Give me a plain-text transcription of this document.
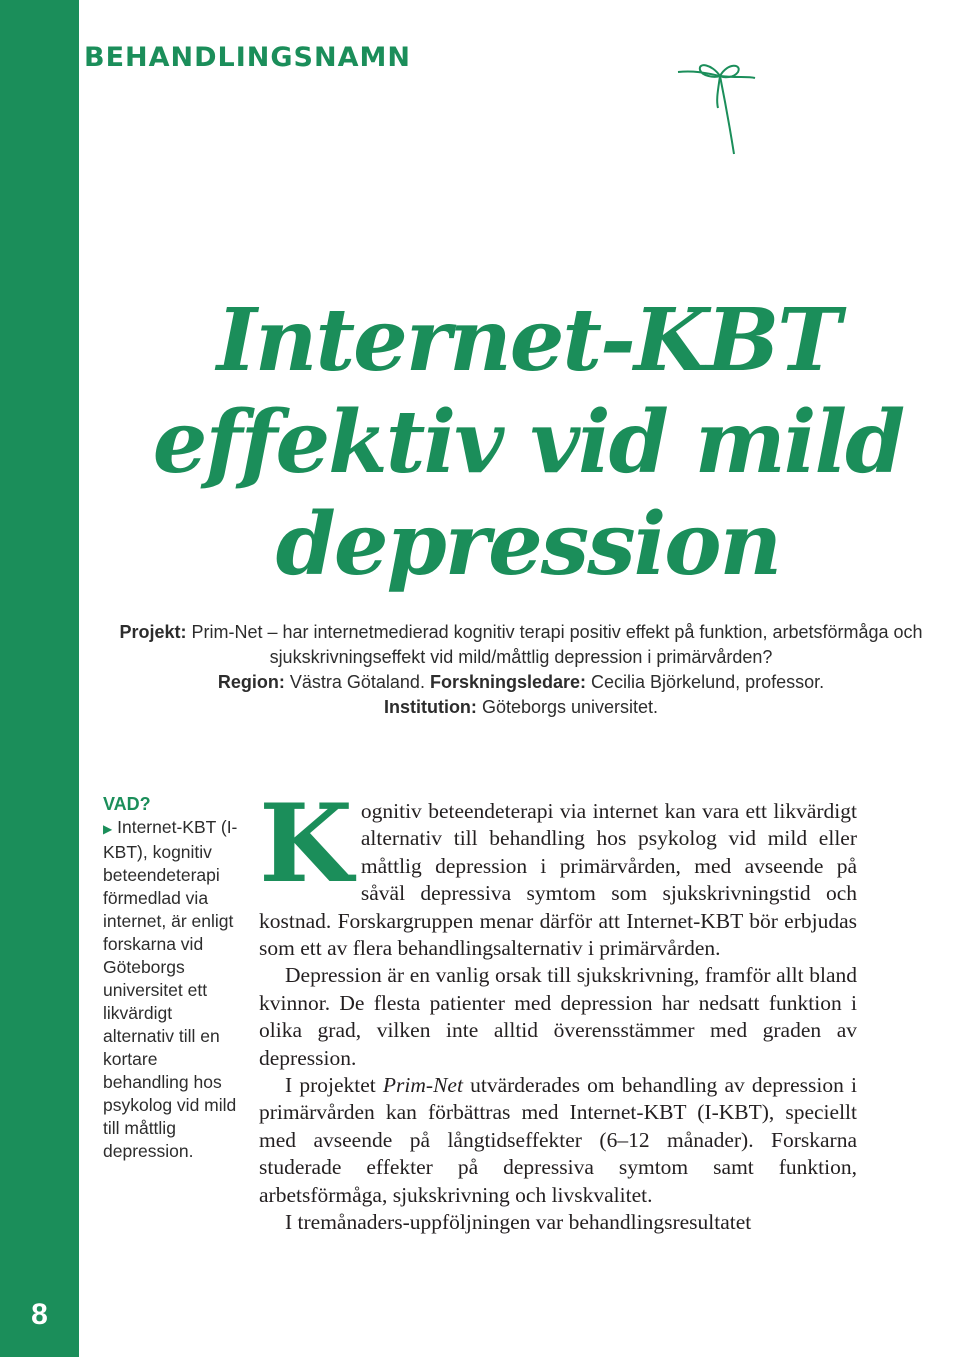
8
BEHANDLINGSNAMN
Internet-KBT
effektiv vid mild
depression
Projekt: Prim-Net – har internetmedierad kognitiv terapi positiv effekt på funktion, arbetsförmåga och sjukskrivningseffekt vid mild/måttlig depression i primärvården?
Region: Västra Götaland. Forskningsledare: Cecilia Björkelund, professor.
Institution: Göteborgs universitet.
VAD?
▶ Internet-KBT (I-KBT), kognitiv beteendeterapi förmedlad via internet, är enligt forskarna vid Göteborgs universitet ett likvärdigt alternativ till en kortare behandling hos psykolog vid mild till måttlig depression.

Kognitiv beteendeterapi via internet kan vara ett likvärdigt alternativ till behandling hos psykolog vid mild eller måttlig depression i primärvården, med avseende på såväl depressiva symtom som sjukskrivningstid och kostnad. Forskargruppen menar därför att Internet-KBT bör erbjudas som ett av flera behandlingsalternativ i primärvården.

Depression är en vanlig orsak till sjukskrivning, framför allt bland kvinnor. De flesta patienter med depression har nedsatt funktion i olika grad, vilken inte alltid överensstämmer med graden av depression.

I projektet Prim-Net utvärderades om behandling av depression i primärvården kan förbättras med Internet-KBT (I-KBT), speciellt med avseende på långtidseffekter (6–12 månader). Forskarna studerade effekter på depressiva symtom samt funktion, arbetsförmåga, sjukskrivning och livskvalitet.

I tremånaders-uppföljningen var behandlingsresultatet
